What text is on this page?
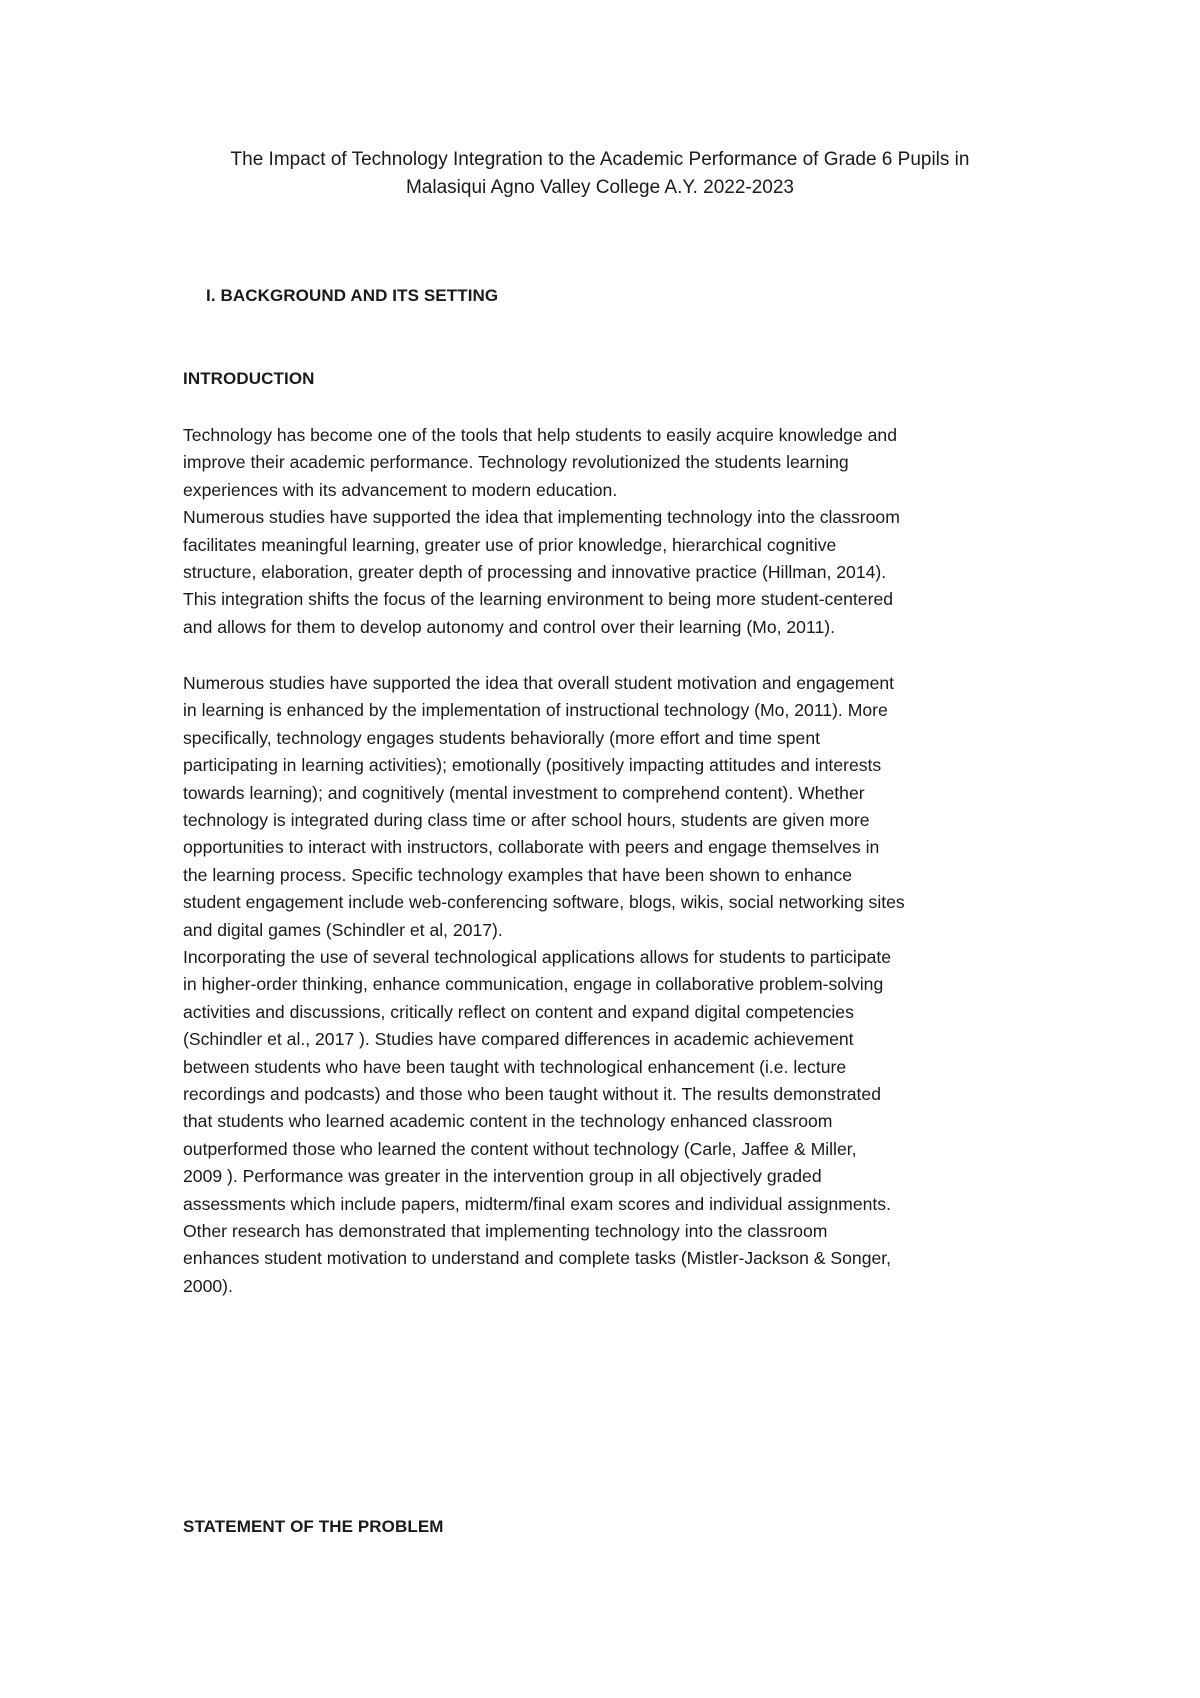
The Impact of Technology Integration to the Academic Performance of Grade 6 Pupils in
Malasiqui Agno Valley College A.Y. 2022-2023
I. BACKGROUND AND ITS SETTING
INTRODUCTION

Technology has become one of the tools that help students to easily acquire knowledge and
improve their academic performance. Technology revolutionized the students learning
experiences with its advancement to modern education.
Numerous studies have supported the idea that implementing technology into the classroom
facilitates meaningful learning, greater use of prior knowledge, hierarchical cognitive
structure, elaboration, greater depth of processing and innovative practice (Hillman, 2014).
This integration shifts the focus of the learning environment to being more student-centered
and allows for them to develop autonomy and control over their learning (Mo, 2011).

Numerous studies have supported the idea that overall student motivation and engagement
in learning is enhanced by the implementation of instructional technology (Mo, 2011). More
specifically, technology engages students behaviorally (more effort and time spent
participating in learning activities); emotionally (positively impacting attitudes and interests
towards learning); and cognitively (mental investment to comprehend content). Whether
technology is integrated during class time or after school hours, students are given more
opportunities to interact with instructors, collaborate with peers and engage themselves in
the learning process. Specific technology examples that have been shown to enhance
student engagement include web-conferencing software, blogs, wikis, social networking sites
and digital games (Schindler et al, 2017).

Incorporating the use of several technological applications allows for students to participate
in higher-order thinking, enhance communication, engage in collaborative problem-solving
activities and discussions, critically reflect on content and expand digital competencies
(Schindler et al., 2017 ). Studies have compared differences in academic achievement
between students who have been taught with technological enhancement (i.e. lecture
recordings and podcasts) and those who been taught without it. The results demonstrated
that students who learned academic content in the technology enhanced classroom
outperformed those who learned the content without technology (Carle, Jaffee & Miller,
2009 ). Performance was greater in the intervention group in all objectively graded
assessments which include papers, midterm/final exam scores and individual assignments.
Other research has demonstrated that implementing technology into the classroom
enhances student motivation to understand and complete tasks (Mistler-Jackson & Songer,
2000).

STATEMENT OF THE PROBLEM
